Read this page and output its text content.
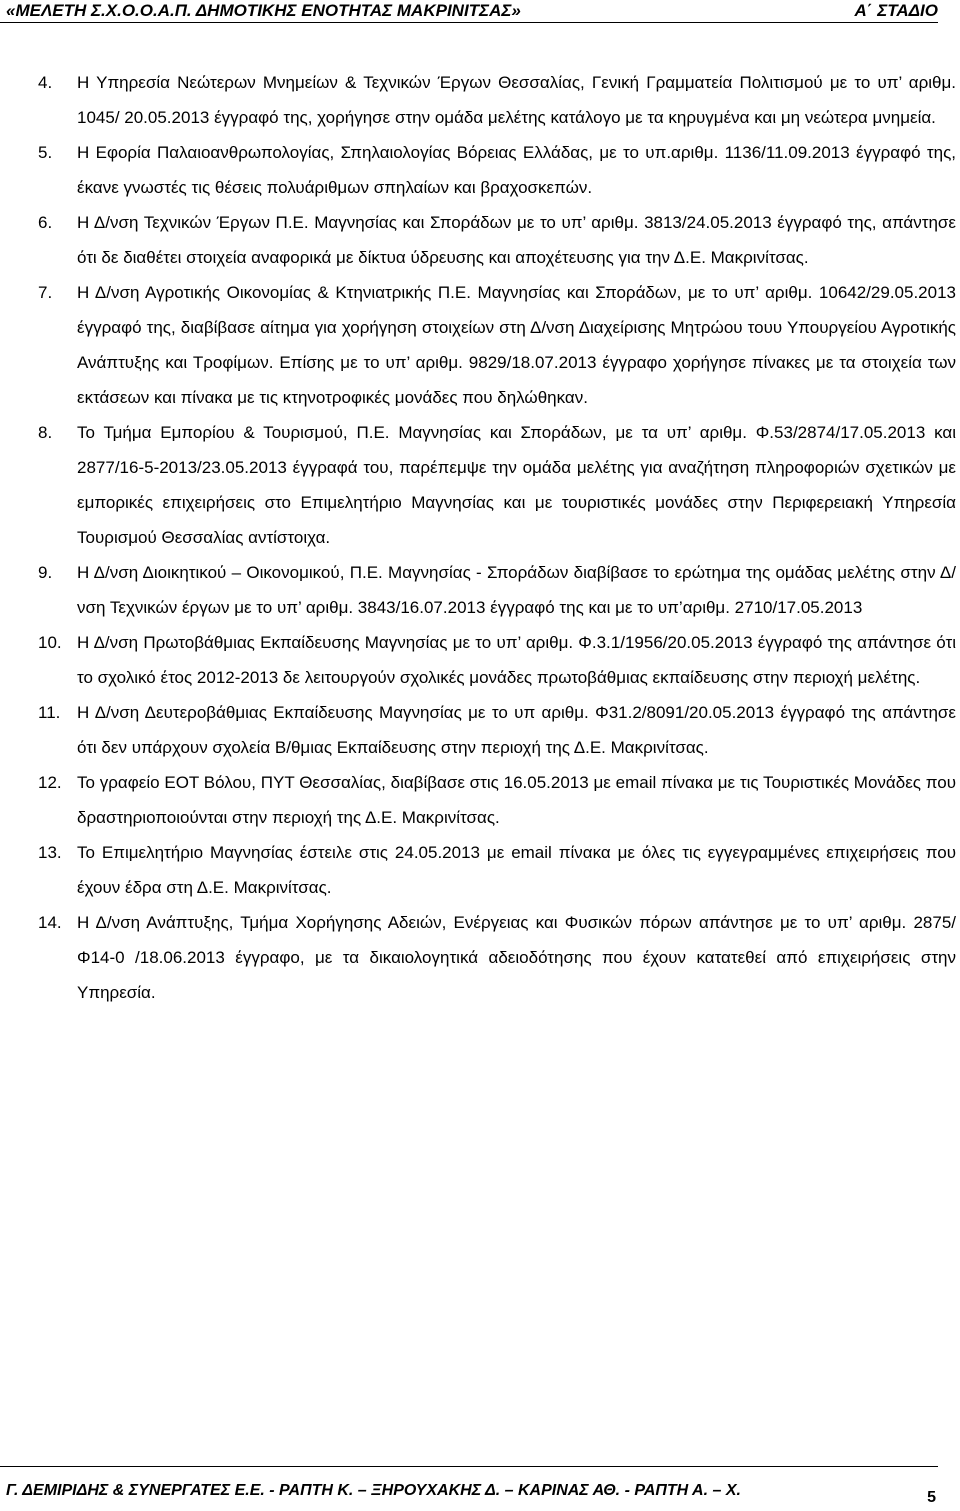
«ΜΕΛΕΤΗ Σ.Χ.Ο.Ο.Α.Π. ΔΗΜΟΤΙΚΗΣ ΕΝΟΤΗΤΑΣ ΜΑΚΡΙΝΙΤΣΑΣ»	Α΄ ΣΤΑΔΙΟ

4. Η Υπηρεσία Νεώτερων Μνημείων & Τεχνικών Έργων Θεσσαλίας, Γενική Γραμματεία Πολιτισμού με το υπ’ αριθμ. 1045/ 20.05.2013 έγγραφό της, χορήγησε στην ομάδα μελέτης κατάλογο με τα κηρυγμένα και μη νεώτερα μνημεία.

5. Η Εφορία Παλαιοανθρωπολογίας, Σπηλαιολογίας Βόρειας Ελλάδας, με το υπ.αριθμ. 1136/11.09.2013 έγγραφό της, έκανε γνωστές τις θέσεις πολυάριθμων σπηλαίων και βραχοσκεπών.

6. Η Δ/νση Τεχνικών Έργων Π.Ε. Μαγνησίας και Σποράδων με το υπ’ αριθμ. 3813/24.05.2013 έγγραφό της, απάντησε ότι δε διαθέτει στοιχεία αναφορικά με δίκτυα ύδρευσης και αποχέτευσης για την Δ.Ε. Μακρινίτσας.

7. Η Δ/νση Αγροτικής Οικονομίας & Κτηνιατρικής Π.Ε. Μαγνησίας και Σποράδων, με το υπ’ αριθμ. 10642/29.05.2013 έγγραφό της, διαβίβασε αίτημα για χορήγηση στοιχείων στη Δ/νση Διαχείρισης Μητρώου τουυ Υπουργείου Αγροτικής Ανάπτυξης και Τροφίμων. Επίσης με το υπ’ αριθμ. 9829/18.07.2013 έγγραφο χορήγησε πίνακες με τα στοιχεία των εκτάσεων και πίνακα με τις κτηνοτροφικές μονάδες που δηλώθηκαν.

8. Το Τμήμα Εμπορίου & Τουρισμού, Π.Ε. Μαγνησίας και Σποράδων, με τα υπ’ αριθμ. Φ.53/2874/17.05.2013 και 2877/16-5-2013/23.05.2013 έγγραφά του, παρέπεμψε την ομάδα μελέτης για αναζήτηση πληροφοριών σχετικών με εμπορικές επιχειρήσεις στο Επιμελητήριο Μαγνησίας και με τουριστικές μονάδες στην Περιφερειακή Υπηρεσία Τουρισμού Θεσσαλίας αντίστοιχα.

9. Η Δ/νση Διοικητικού – Οικονομικού, Π.Ε. Μαγνησίας - Σποράδων διαβίβασε το ερώτημα της ομάδας μελέτης στην Δ/νση Τεχνικών έργων με το υπ’ αριθμ. 3843/16.07.2013 έγγραφό της και με το υπ’αριθμ. 2710/17.05.2013

10. Η Δ/νση Πρωτοβάθμιας Εκπαίδευσης Μαγνησίας με το υπ’ αριθμ. Φ.3.1/1956/20.05.2013 έγγραφό της απάντησε ότι το σχολικό έτος 2012-2013 δε λειτουργούν σχολικές μονάδες πρωτοβάθμιας εκπαίδευσης στην περιοχή μελέτης.

11. Η Δ/νση Δευτεροβάθμιας Εκπαίδευσης Μαγνησίας με το υπ αριθμ. Φ31.2/8091/20.05.2013 έγγραφό της απάντησε ότι δεν υπάρχουν σχολεία Β/θμιας Εκπαίδευσης στην περιοχή της Δ.Ε. Μακρινίτσας.

12. Το γραφείο ΕΟΤ Βόλου, ΠΥΤ Θεσσαλίας, διαβίβασε στις 16.05.2013 με email πίνακα με τις Τουριστικές Μονάδες που δραστηριοποιούνται στην περιοχή της Δ.Ε. Μακρινίτσας.

13. Το Επιμελητήριο Μαγνησίας έστειλε στις 24.05.2013 με email πίνακα με όλες τις εγγεγραμμένες επιχειρήσεις που έχουν έδρα στη Δ.Ε. Μακρινίτσας.

14. Η Δ/νση Ανάπτυξης, Τμήμα Χορήγησης Αδειών, Ενέργειας και Φυσικών πόρων απάντησε με το υπ’ αριθμ. 2875/Φ14-0 /18.06.2013 έγγραφο, με τα δικαιολογητικά αδειοδότησης που έχουν κατατεθεί από επιχειρήσεις στην Υπηρεσία.

Γ. ΔΕΜΙΡΙΔΗΣ & ΣΥΝΕΡΓΑΤΕΣ Ε.Ε. - ΡΑΠΤΗ Κ. – ΞΗΡΟΥΧΑΚΗΣ Δ. – ΚΑΡΙΝΑΣ ΑΘ. - ΡΑΠΤΗ Α. – Χ.	5
